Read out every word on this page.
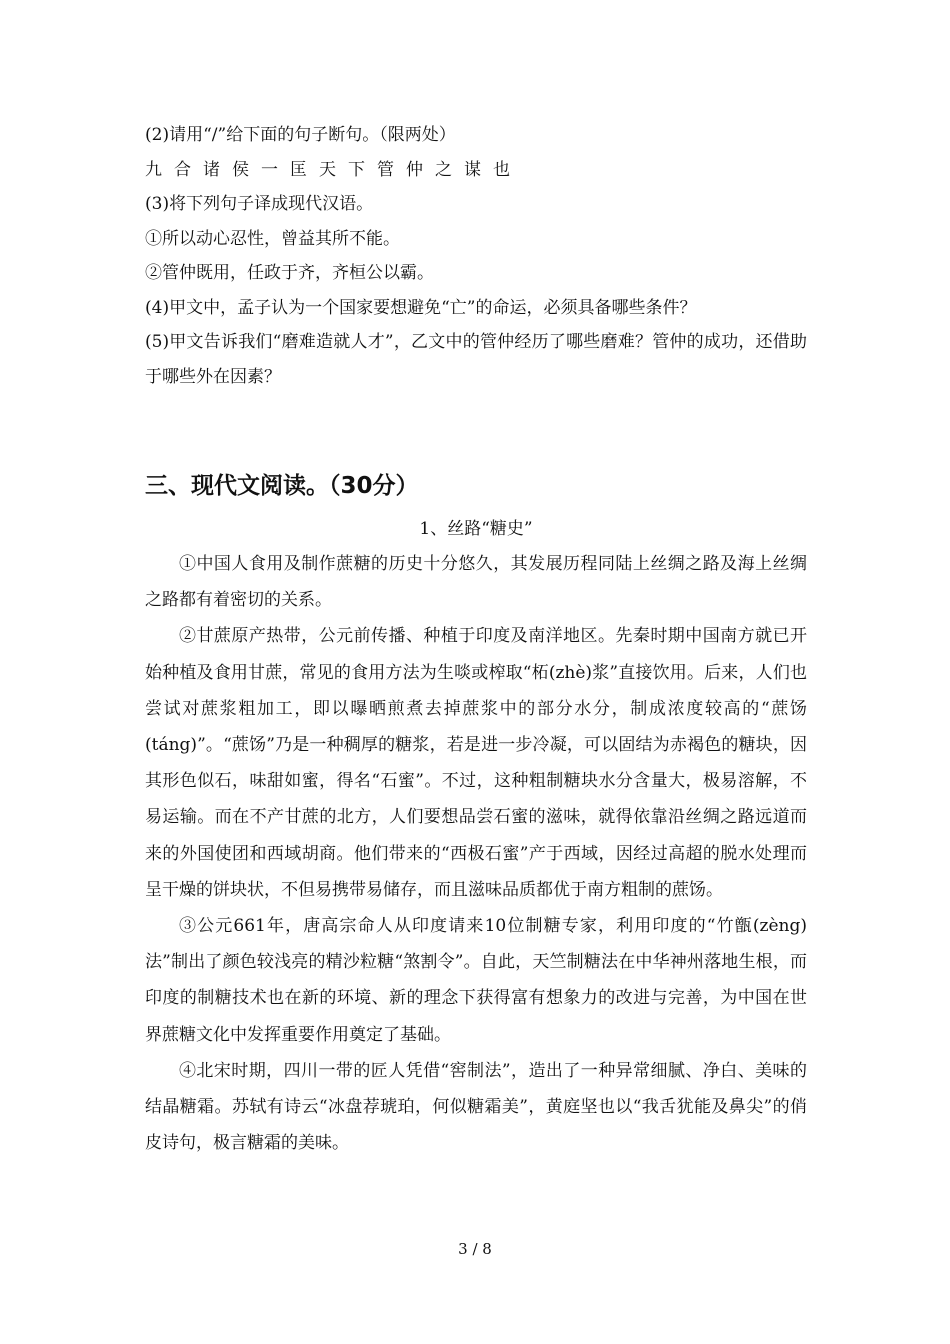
(2)请用“/”给下面的句子断句。（限两处）

九合诸侯一匡天下管仲之谋也

(3)将下列句子译成现代汉语。

①所以动心忍性，曾益其所不能。

②管仲既用，任政于齐，齐桓公以霸。

(4)甲文中，孟子认为一个国家要想避免“亡”的命运，必须具备哪些条件？

(5)甲文告诉我们“磨难造就人才”，乙文中的管仲经历了哪些磨难？管仲的成功，还借助于哪些外在因素？

三、现代文阅读。（30分）
1、丝路“糖史”

①中国人食用及制作蔗糖的历史十分悠久，其发展历程同陆上丝绸之路及海上丝绸之路都有着密切的关系。

②甘蔗原产热带，公元前传播、种植于印度及南洋地区。先秦时期中国南方就已开始种植及食用甘蔗，常见的食用方法为生啖或榨取“柘(zhè)浆”直接饮用。后来，人们也尝试对蔗浆粗加工，即以曝晒煎煮去掉蔗浆中的部分水分，制成浓度较高的“蔗饧(táng)”。“蔗饧”乃是一种稠厚的糖浆，若是进一步冷凝，可以固结为赤褐色的糖块，因其形色似石，味甜如蜜，得名“石蜜”。不过，这种粗制糖块水分含量大，极易溶解，不易运输。而在不产甘蔗的北方，人们要想品尝石蜜的滋味，就得依靠沿丝绸之路远道而来的外国使团和西域胡商。他们带来的“西极石蜜”产于西域，因经过高超的脱水处理而呈干燥的饼块状，不但易携带易储存，而且滋味品质都优于南方粗制的蔗饧。

③公元661年，唐高宗命人从印度请来10位制糖专家，利用印度的“竹甑(zèng)法”制出了颜色较浅亮的精沙粒糖“煞割令”。自此，天竺制糖法在中华神州落地生根，而印度的制糖技术也在新的环境、新的理念下获得富有想象力的改进与完善，为中国在世界蔗糖文化中发挥重要作用奠定了基础。

④北宋时期，四川一带的匠人凭借“窖制法”，造出了一种异常细腻、净白、美味的结晶糖霜。苏轼有诗云“冰盘荐琥珀，何似糖霜美”，黄庭坚也以“我舌犹能及鼻尖”的俏皮诗句，极言糖霜的美味。

3 / 8
